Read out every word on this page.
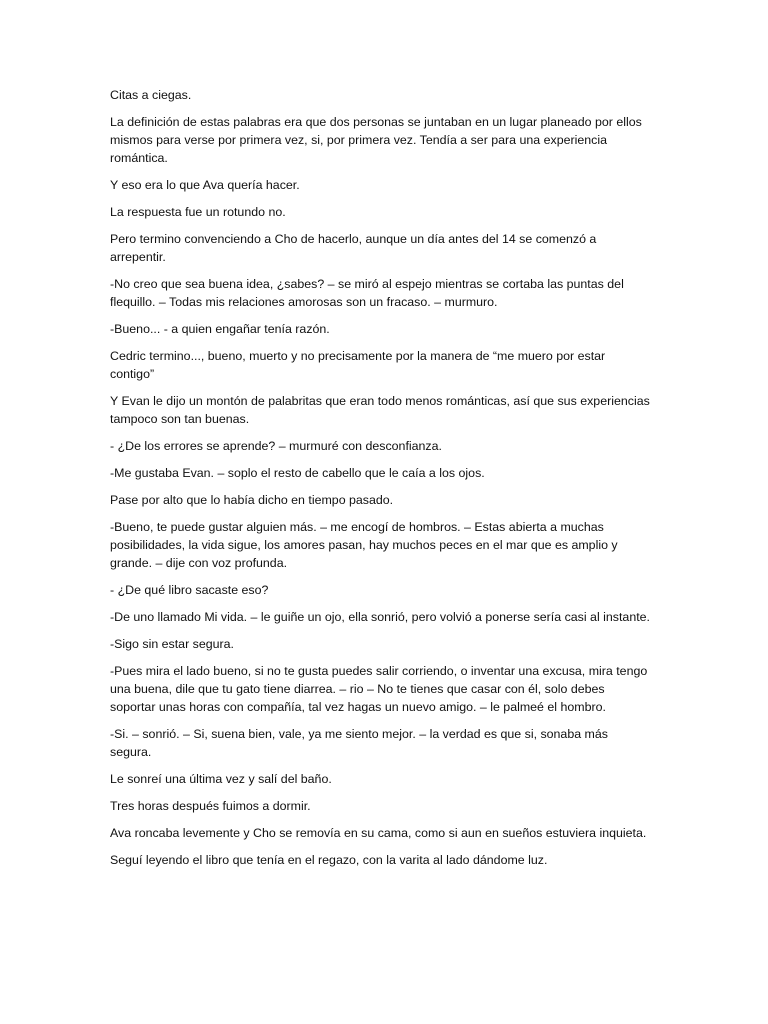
Citas a ciegas.

La definición de estas palabras era que dos personas se juntaban en un lugar planeado por ellos mismos para verse por primera vez, si, por primera vez. Tendía a ser para una experiencia romántica.

Y eso era lo que Ava quería hacer.

La respuesta fue un rotundo no.

Pero termino convenciendo a Cho de hacerlo, aunque un día antes del 14 se comenzó a arrepentir.

-No creo que sea buena idea, ¿sabes? – se miró al espejo mientras se cortaba las puntas del flequillo. – Todas mis relaciones amorosas son un fracaso. – murmuro.

-Bueno... - a quien engañar tenía razón.

Cedric termino..., bueno, muerto y no precisamente por la manera de “me muero por estar contigo”

Y Evan le dijo un montón de palabritas que eran todo menos románticas, así que sus experiencias tampoco son tan buenas.

- ¿De los errores se aprende? – murmuré con desconfianza.

-Me gustaba Evan. – soplo el resto de cabello que le caía a los ojos.

Pase por alto que lo había dicho en tiempo pasado.

-Bueno, te puede gustar alguien más. – me encogí de hombros. – Estas abierta a muchas posibilidades, la vida sigue, los amores pasan, hay muchos peces en el mar que es amplio y grande. – dije con voz profunda.

- ¿De qué libro sacaste eso?

-De uno llamado Mi vida. – le guiñe un ojo, ella sonrió, pero volvió a ponerse sería casi al instante.

-Sigo sin estar segura.

-Pues mira el lado bueno, si no te gusta puedes salir corriendo, o inventar una excusa, mira tengo una buena, dile que tu gato tiene diarrea. – rio – No te tienes que casar con él, solo debes soportar unas horas con compañía, tal vez hagas un nuevo amigo. – le palmeé el hombro.

-Si. – sonrió. – Si, suena bien, vale, ya me siento mejor. – la verdad es que si, sonaba más segura.

Le sonreí una última vez y salí del baño.

Tres horas después fuimos a dormir.

Ava roncaba levemente y Cho se removía en su cama, como si aun en sueños estuviera inquieta.

Seguí leyendo el libro que tenía en el regazo, con la varita al lado dándome luz.
